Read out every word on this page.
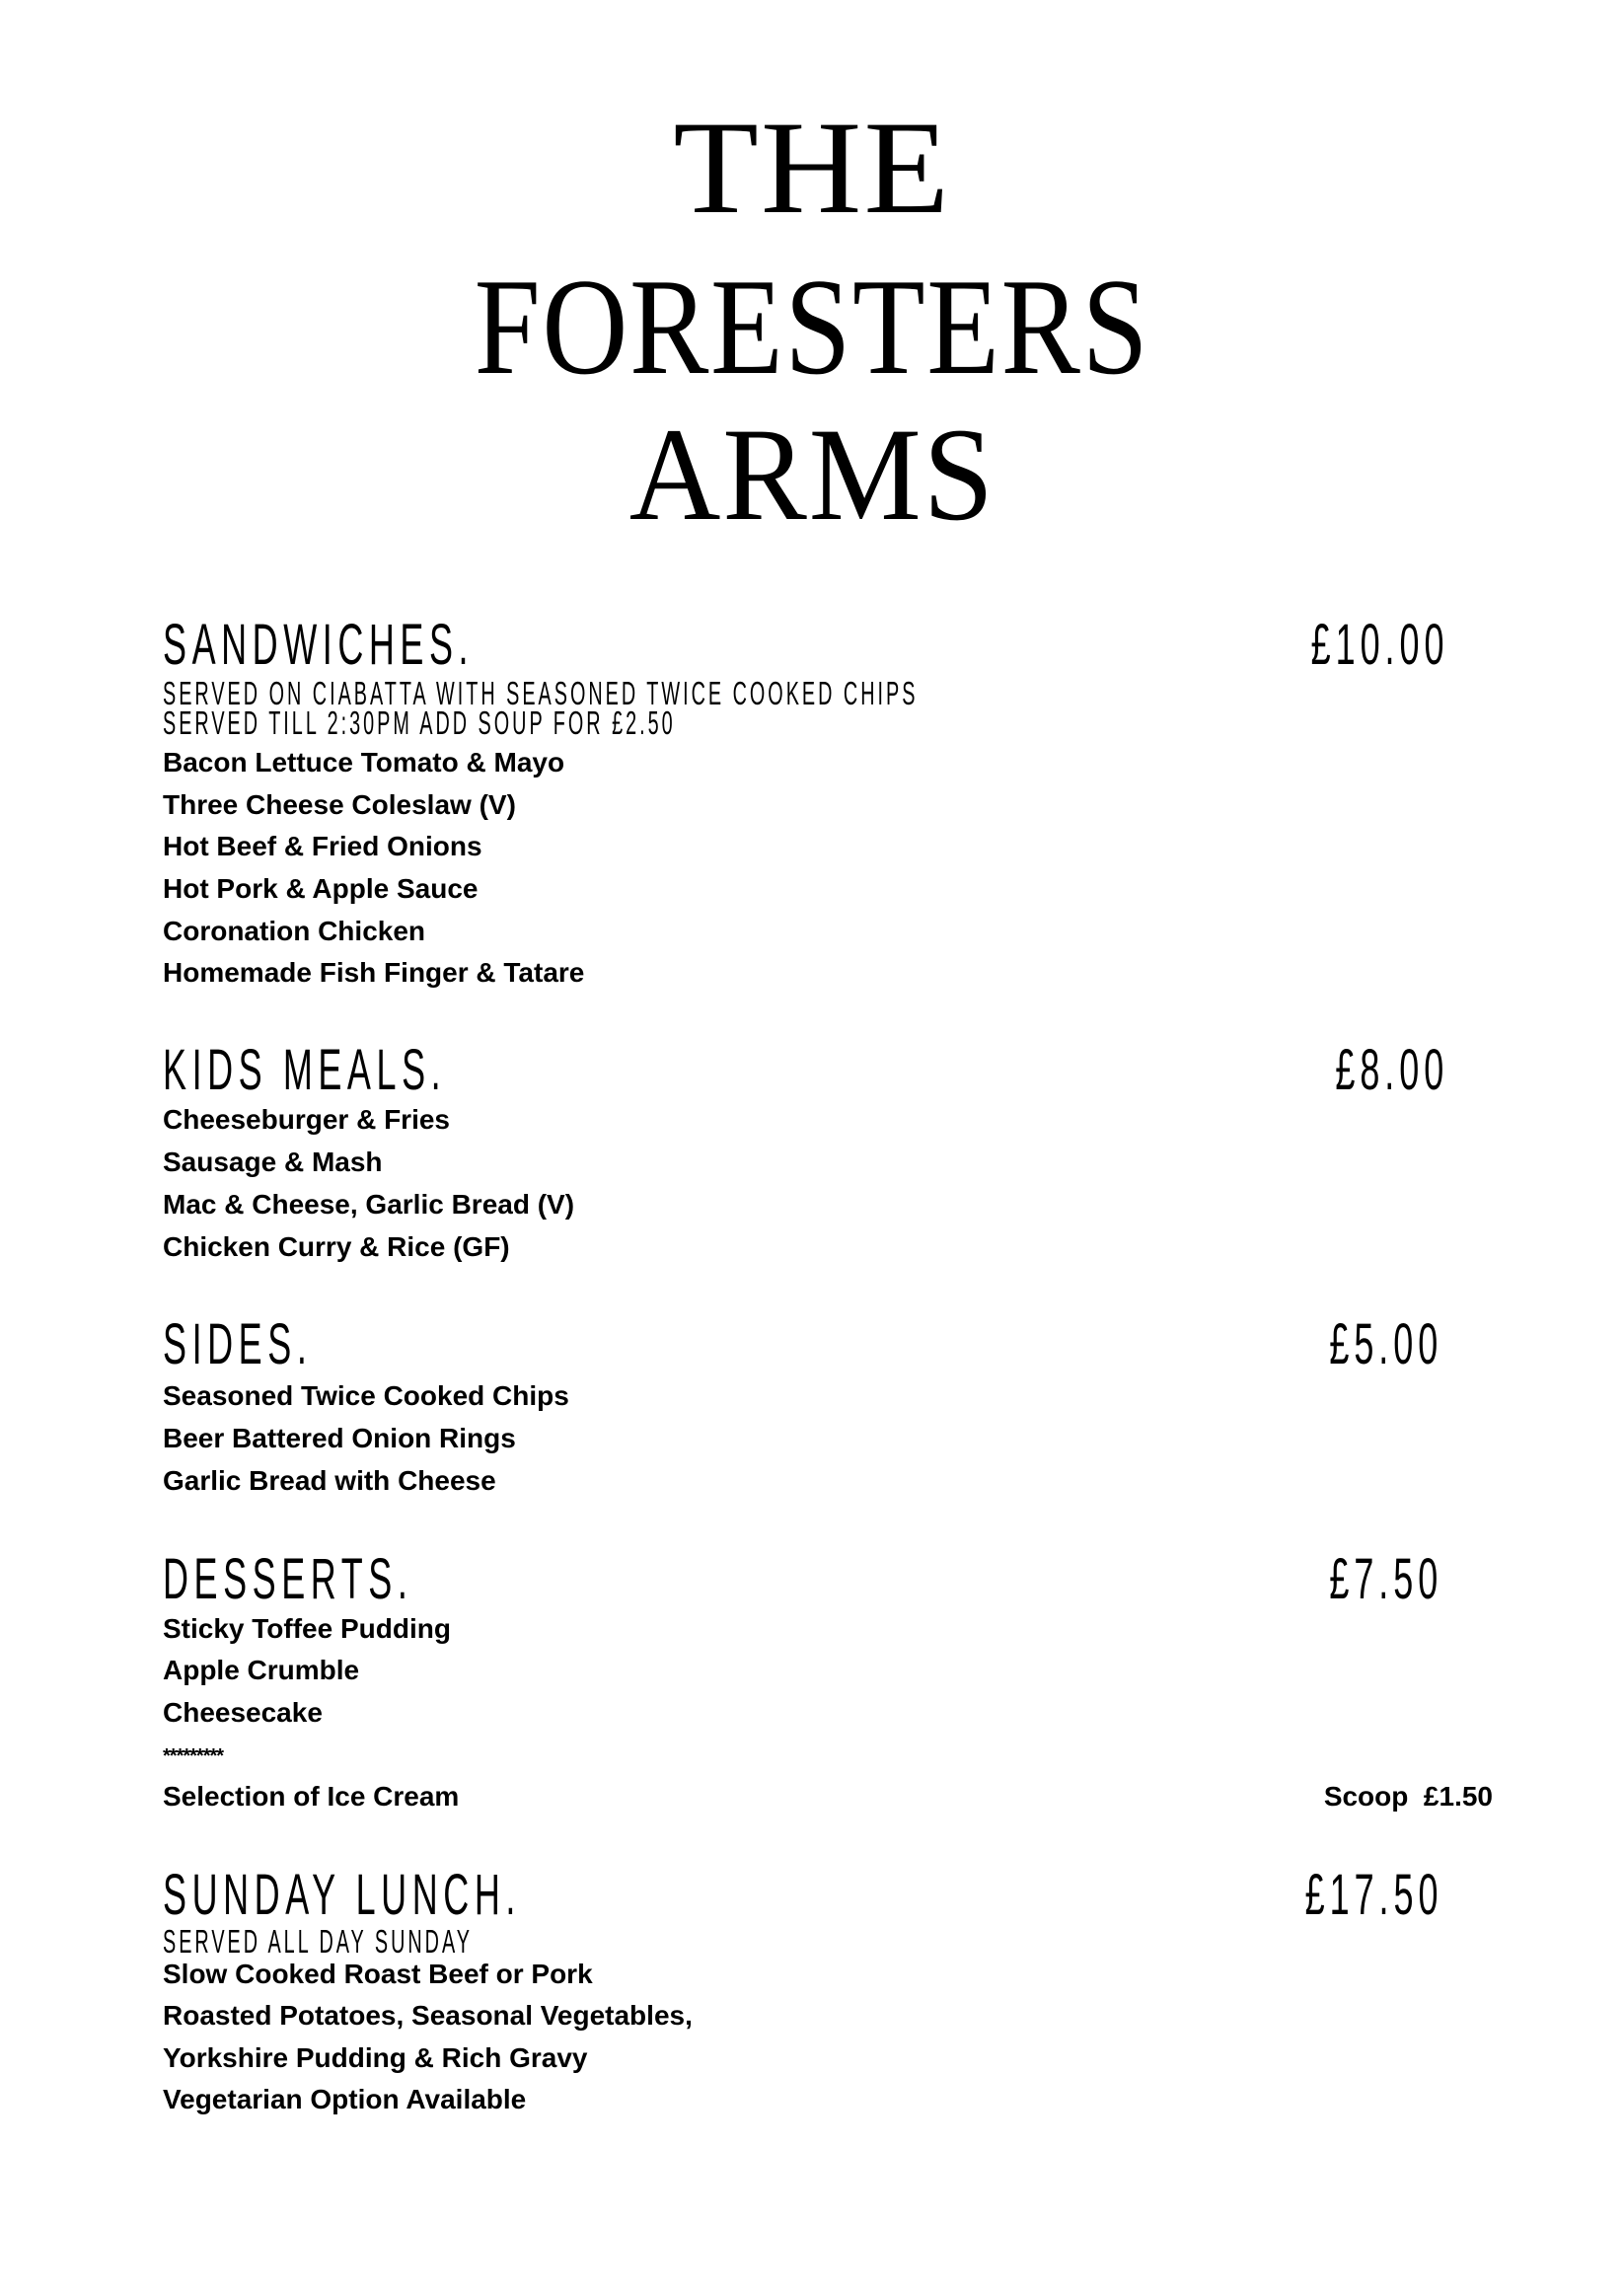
THE
FORESTERS
ARMS
SANDWICHES.	£10.00
SERVED ON CIABATTA WITH SEASONED TWICE COOKED CHIPS
SERVED TILL 2:30PM ADD SOUP FOR £2.50
Bacon Lettuce Tomato & Mayo
Three Cheese Coleslaw (V)
Hot Beef & Fried Onions
Hot Pork & Apple Sauce
Coronation Chicken
Homemade Fish Finger & Tatare
KIDS MEALS.	£8.00
Cheeseburger & Fries
Sausage & Mash
Mac & Cheese, Garlic Bread (V)
Chicken Curry & Rice (GF)
SIDES.	£5.00
Seasoned Twice Cooked Chips
Beer Battered Onion Rings
Garlic Bread with Cheese
DESSERTS.	£7.50
Sticky Toffee Pudding
Apple Crumble
Cheesecake
*********
Selection of Ice Cream	Scoop  £1.50
SUNDAY LUNCH.	£17.50
SERVED ALL DAY SUNDAY
Slow Cooked Roast Beef or Pork
Roasted Potatoes, Seasonal Vegetables,
Yorkshire Pudding & Rich Gravy
Vegetarian Option Available
